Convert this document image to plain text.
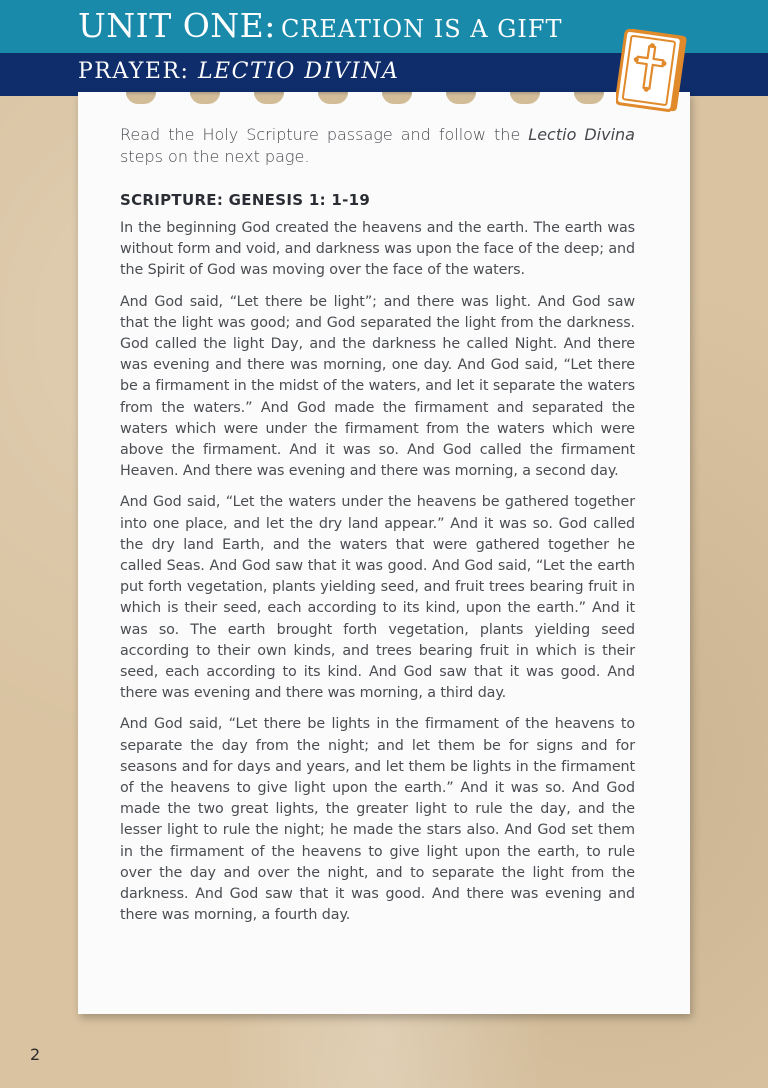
UNIT ONE: CREATION IS A GIFT
PRAYER: LECTIO DIVINA

Read the Holy Scripture passage and follow the Lectio Divina steps on the next page.

SCRIPTURE: GENESIS 1: 1-19

In the beginning God created the heavens and the earth. The earth was without form and void, and darkness was upon the face of the deep; and the Spirit of God was moving over the face of the waters.

And God said, “Let there be light”; and there was light. And God saw that the light was good; and God separated the light from the darkness. God called the light Day, and the darkness he called Night. And there was evening and there was morning, one day. And God said, “Let there be a firmament in the midst of the waters, and let it separate the waters from the waters.” And God made the firmament and separated the waters which were under the firmament from the waters which were above the firmament. And it was so. And God called the firmament Heaven. And there was evening and there was morning, a second day.

And God said, “Let the waters under the heavens be gathered together into one place, and let the dry land appear.” And it was so. God called the dry land Earth, and the waters that were gathered together he called Seas. And God saw that it was good. And God said, “Let the earth put forth vegetation, plants yielding seed, and fruit trees bearing fruit in which is their seed, each according to its kind, upon the earth.” And it was so. The earth brought forth vegetation, plants yielding seed according to their own kinds, and trees bearing fruit in which is their seed, each according to its kind. And God saw that it was good. And there was evening and there was morning, a third day.

And God said, “Let there be lights in the firmament of the heavens to separate the day from the night; and let them be for signs and for seasons and for days and years, and let them be lights in the firmament of the heavens to give light upon the earth.” And it was so. And God made the two great lights, the greater light to rule the day, and the lesser light to rule the night; he made the stars also. And God set them in the firmament of the heavens to give light upon the earth, to rule over the day and over the night, and to separate the light from the darkness. And God saw that it was good. And there was evening and there was morning, a fourth day.

2
